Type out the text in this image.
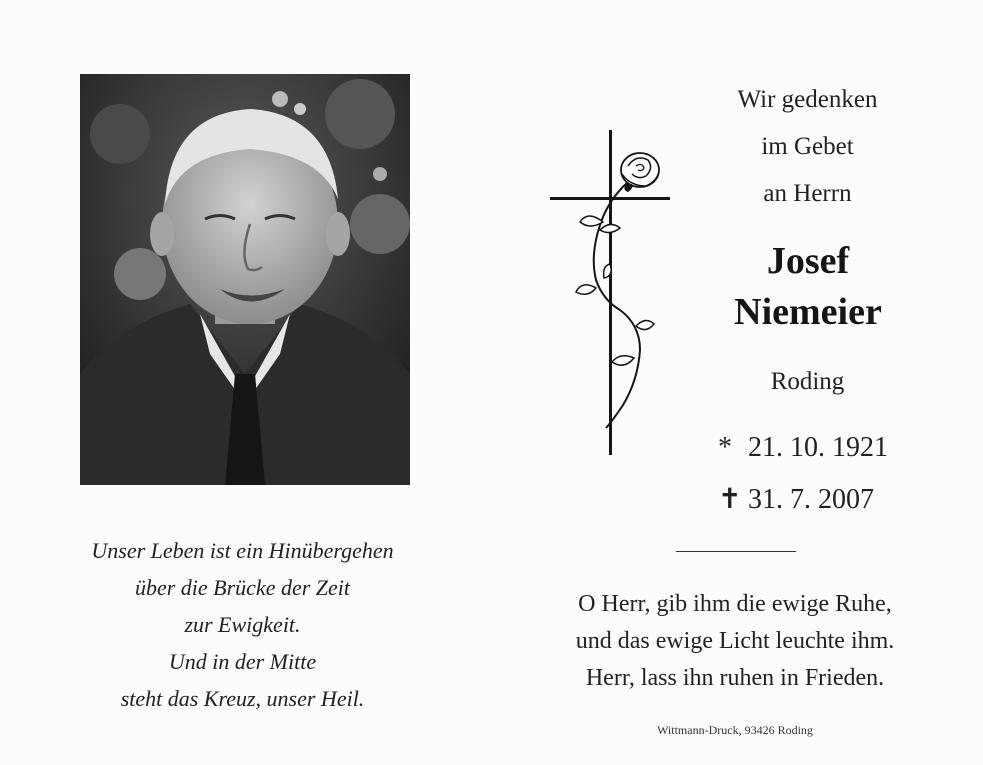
Unser Leben ist ein Hinübergehen
über die Brücke der Zeit
zur Ewigkeit.
Und in der Mitte
steht das Kreuz, unser Heil.
Wir gedenken
im Gebet
an Herrn
Josef
Niemeier
Roding
* 21. 10. 1921
✝ 31. 7. 2007
O Herr, gib ihm die ewige Ruhe,
und das ewige Licht leuchte ihm.
Herr, lass ihn ruhen in Frieden.
Wittmann-Druck, 93426 Roding
